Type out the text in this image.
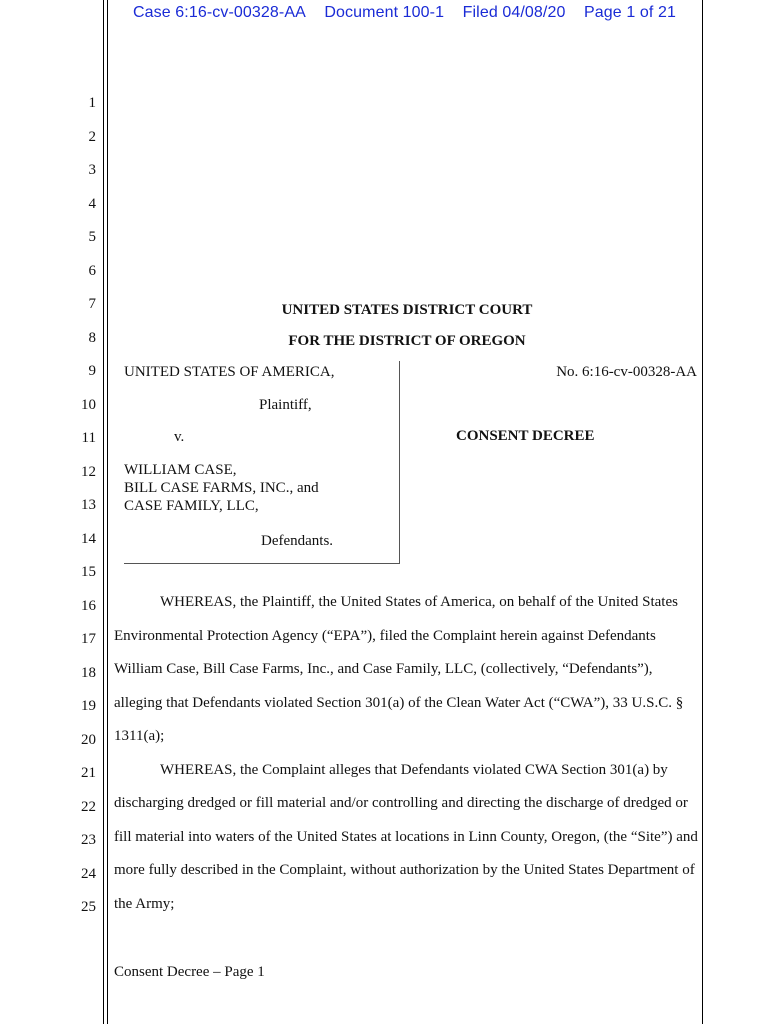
Case 6:16-cv-00328-AA Document 100-1 Filed 04/08/20 Page 1 of 21
1
2
3
4
5
6
7
8
9
10
11
12
13
14
15
16
17
18
19
20
21
22
23
24
25
UNITED STATES DISTRICT COURT
FOR THE DISTRICT OF OREGON
UNITED STATES OF AMERICA,
Plaintiff,
v.
WILLIAM CASE,
BILL CASE FARMS, INC., and
CASE FAMILY, LLC,
Defendants.
No. 6:16-cv-00328-AA
CONSENT DECREE
WHEREAS, the Plaintiff, the United States of America, on behalf of the United States
Environmental Protection Agency (“EPA”), filed the Complaint herein against Defendants
William Case, Bill Case Farms, Inc., and Case Family, LLC, (collectively, “Defendants”),
alleging that Defendants violated Section 301(a) of the Clean Water Act (“CWA”), 33 U.S.C. §
1311(a);
WHEREAS, the Complaint alleges that Defendants violated CWA Section 301(a) by
discharging dredged or fill material and/or controlling and directing the discharge of dredged or
fill material into waters of the United States at locations in Linn County, Oregon, (the “Site”) and
more fully described in the Complaint, without authorization by the United States Department of
the Army;
Consent Decree – Page 1
